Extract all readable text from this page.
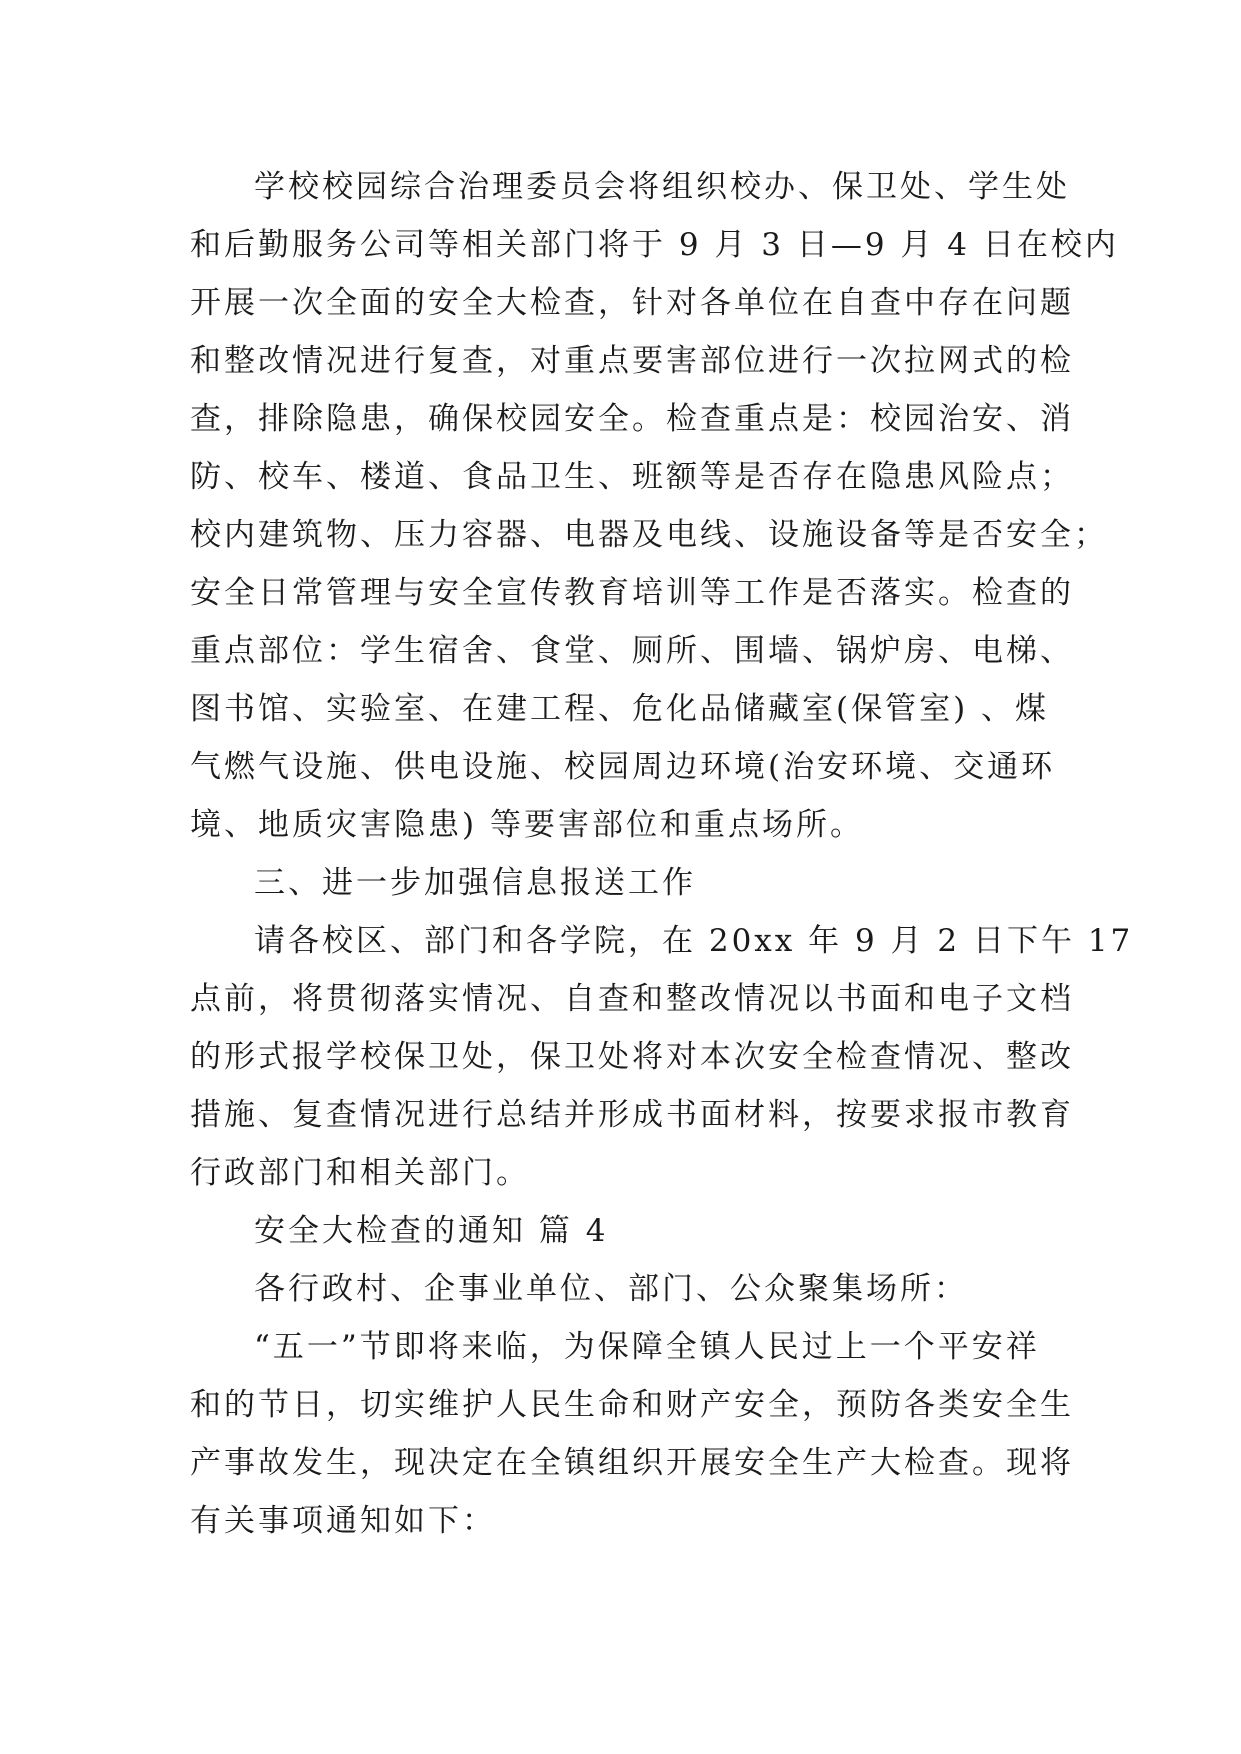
学校校园综合治理委员会将组织校办、保卫处、学生处
和后勤服务公司等相关部门将于 9 月 3 日—9 月 4 日在校内
开展一次全面的安全大检查，针对各单位在自查中存在问题
和整改情况进行复查，对重点要害部位进行一次拉网式的检
查，排除隐患，确保校园安全。检查重点是：校园治安、消
防、校车、楼道、食品卫生、班额等是否存在隐患风险点；
校内建筑物、压力容器、电器及电线、设施设备等是否安全；
安全日常管理与安全宣传教育培训等工作是否落实。检查的
重点部位：学生宿舍、食堂、厕所、围墙、锅炉房、电梯、
图书馆、实验室、在建工程、危化品储藏室(保管室) 、煤
气燃气设施、供电设施、校园周边环境(治安环境、交通环
境、地质灾害隐患) 等要害部位和重点场所。
三、进一步加强信息报送工作
请各校区、部门和各学院，在 20xx 年 9 月 2 日下午 17
点前，将贯彻落实情况、自查和整改情况以书面和电子文档
的形式报学校保卫处，保卫处将对本次安全检查情况、整改
措施、复查情况进行总结并形成书面材料，按要求报市教育
行政部门和相关部门。
安全大检查的通知 篇 4
各行政村、企事业单位、部门、公众聚集场所：
“五一”节即将来临，为保障全镇人民过上一个平安祥
和的节日，切实维护人民生命和财产安全，预防各类安全生
产事故发生，现决定在全镇组织开展安全生产大检查。现将
有关事项通知如下：
